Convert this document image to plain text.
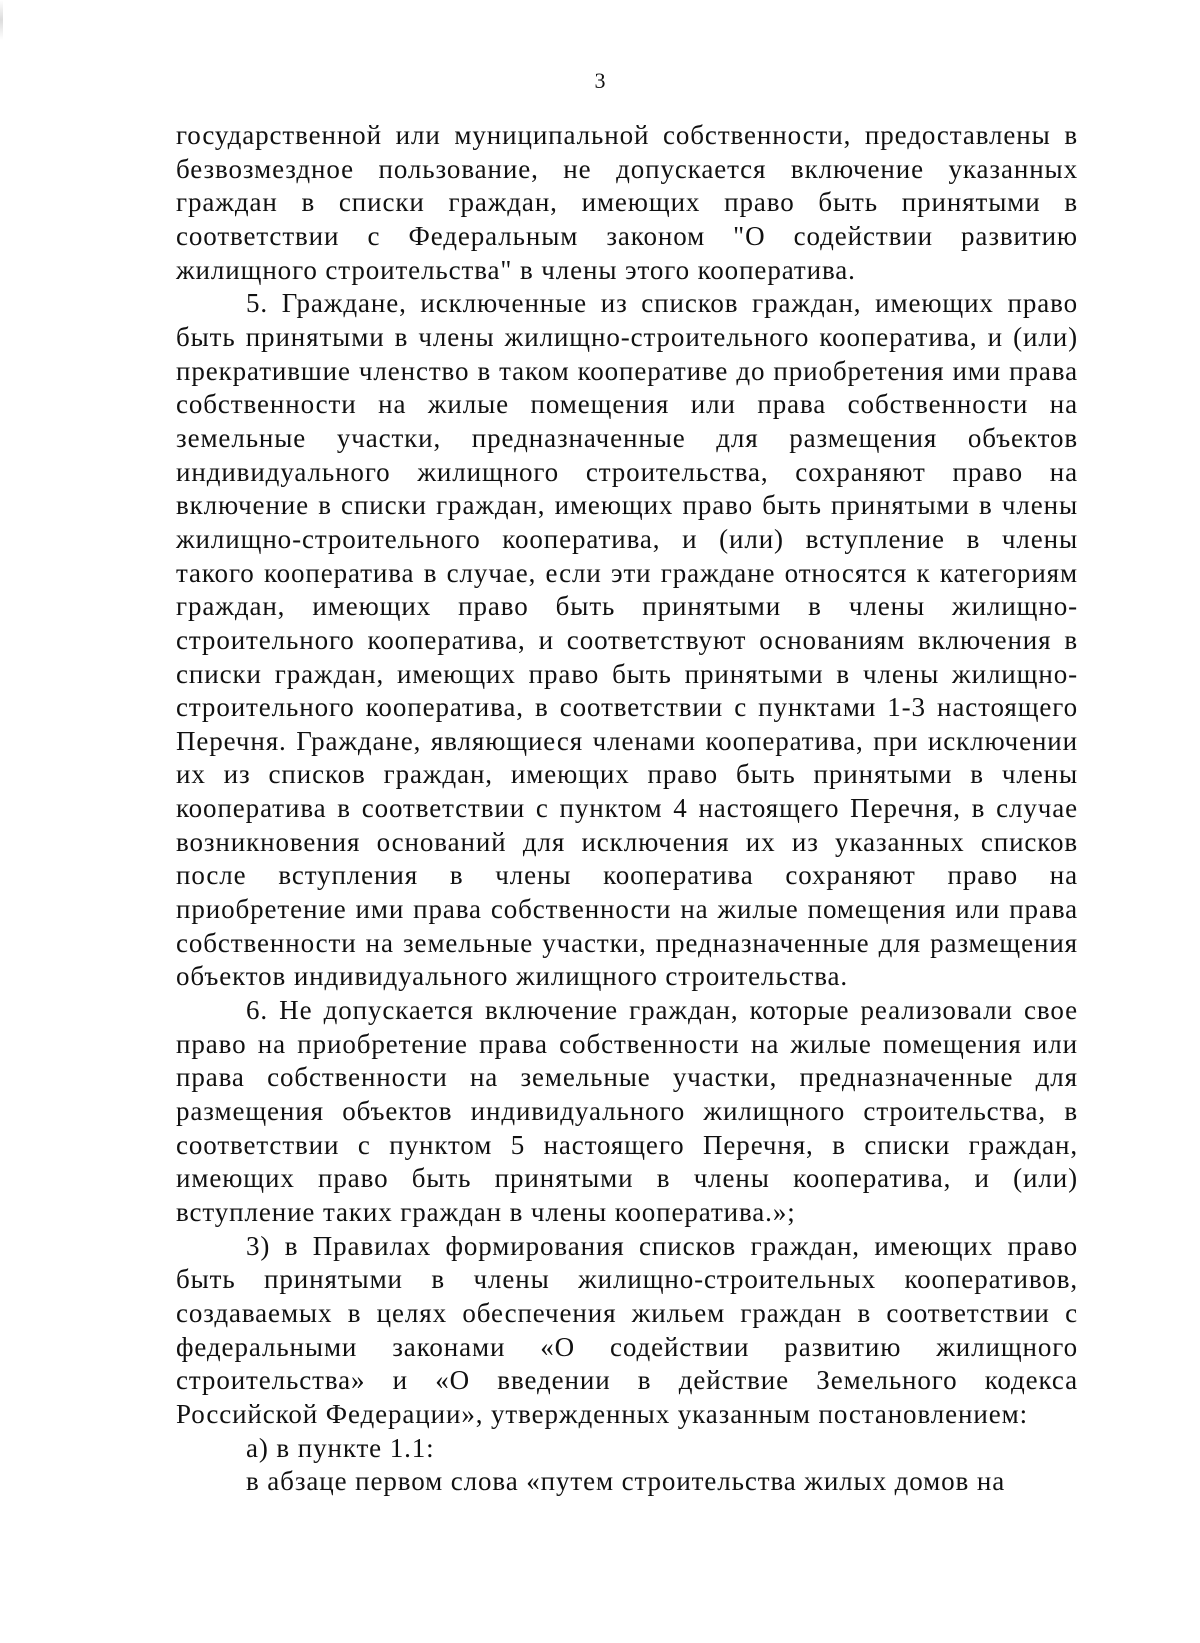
3

государственной или муниципальной собственности, предоставлены в безвозмездное пользование, не допускается включение указанных граждан в списки граждан, имеющих право быть принятыми в соответствии с Федеральным законом "О содействии развитию жилищного строительства" в члены этого кооператива.

5. Граждане, исключенные из списков граждан, имеющих право быть принятыми в члены жилищно-строительного кооператива, и (или) прекратившие членство в таком кооперативе до приобретения ими права собственности на жилые помещения или права собственности на земельные участки, предназначенные для размещения объектов индивидуального жилищного строительства, сохраняют право на включение в списки граждан, имеющих право быть принятыми в члены жилищно-строительного кооператива, и (или) вступление в члены такого кооператива в случае, если эти граждане относятся к категориям граждан, имеющих право быть принятыми в члены жилищно-строительного кооператива, и соответствуют основаниям включения в списки граждан, имеющих право быть принятыми в члены жилищно-строительного кооператива, в соответствии с пунктами 1-3 настоящего Перечня. Граждане, являющиеся членами кооператива, при исключении их из списков граждан, имеющих право быть принятыми в члены кооператива в соответствии с пунктом 4 настоящего Перечня, в случае возникновения оснований для исключения их из указанных списков после вступления в члены кооператива сохраняют право на приобретение ими права собственности на жилые помещения или права собственности на земельные участки, предназначенные для размещения объектов индивидуального жилищного строительства.

6. Не допускается включение граждан, которые реализовали свое право на приобретение права собственности на жилые помещения или права собственности на земельные участки, предназначенные для размещения объектов индивидуального жилищного строительства, в соответствии с пунктом 5 настоящего Перечня, в списки граждан, имеющих право быть принятыми в члены кооператива, и (или) вступление таких граждан в члены кооператива.»;

3) в Правилах формирования списков граждан, имеющих право быть принятыми в члены жилищно-строительных кооперативов, создаваемых в целях обеспечения жильем граждан в соответствии с федеральными законами «О содействии развитию жилищного строительства» и «О введении в действие Земельного кодекса Российской Федерации», утвержденных указанным постановлением:

а) в пункте 1.1:

в абзаце первом слова «путем строительства жилых домов на
